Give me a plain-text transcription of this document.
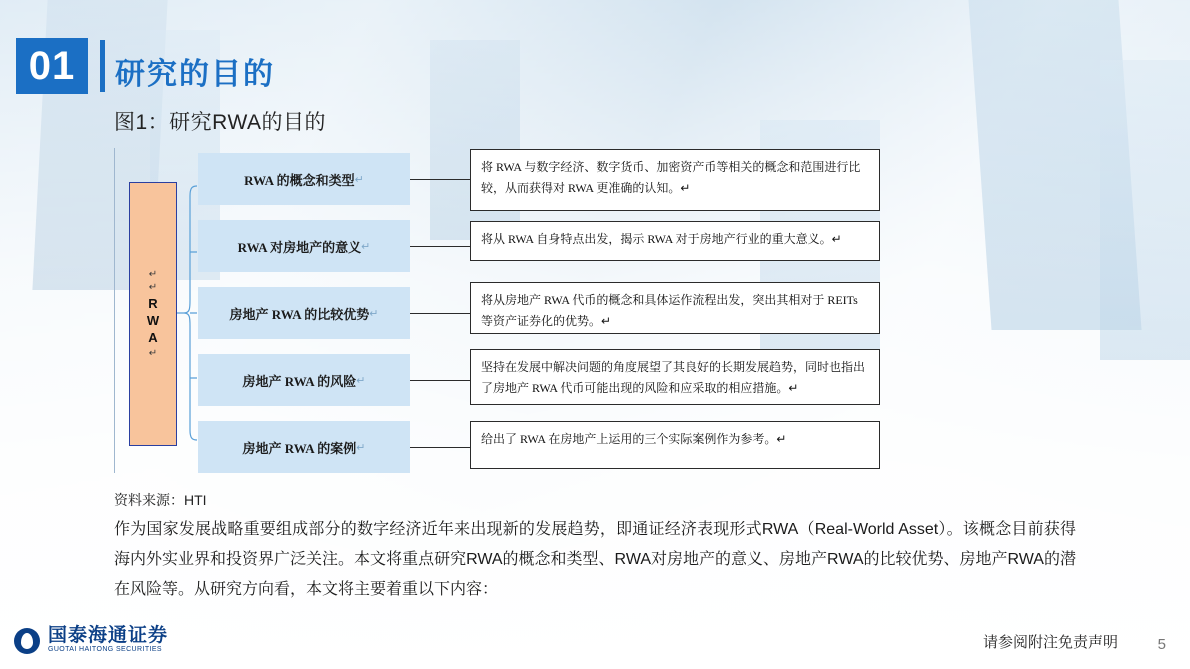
01	研究的目的
图1：研究RWA的目的
↵
↵
R
W
A
↵
RWA 的概念和类型 ↵
RWA 对房地产的意义 ↵
房地产 RWA 的比较优势 ↵
房地产 RWA 的风险 ↵
房地产 RWA 的案例 ↵
将 RWA 与数字经济、数字货币、加密资产币等相关的概念和范围进行比较，从而获得对 RWA 更准确的认知。↵
将从 RWA 自身特点出发，揭示 RWA 对于房地产行业的重大意义。↵
将从房地产 RWA 代币的概念和具体运作流程出发，突出其相对于 REITs 等资产证券化的优势。↵
坚持在发展中解决问题的角度展望了其良好的长期发展趋势，同时也指出了房地产 RWA 代币可能出现的风险和应采取的相应措施。↵
给出了 RWA 在房地产上运用的三个实际案例作为参考。↵
资料来源：HTI
作为国家发展战略重要组成部分的数字经济近年来出现新的发展趋势，即通证经济表现形式RWA（Real-World Asset）。该概念目前获得海内外实业界和投资界广泛关注。本文将重点研究RWA的概念和类型、RWA对房地产的意义、房地产RWA的比较优势、房地产RWA的潜在风险等。从研究方向看，本文将主要着重以下内容：
国泰海通证券
GUOTAI HAITONG SECURITIES	请参阅附注免责声明	5
